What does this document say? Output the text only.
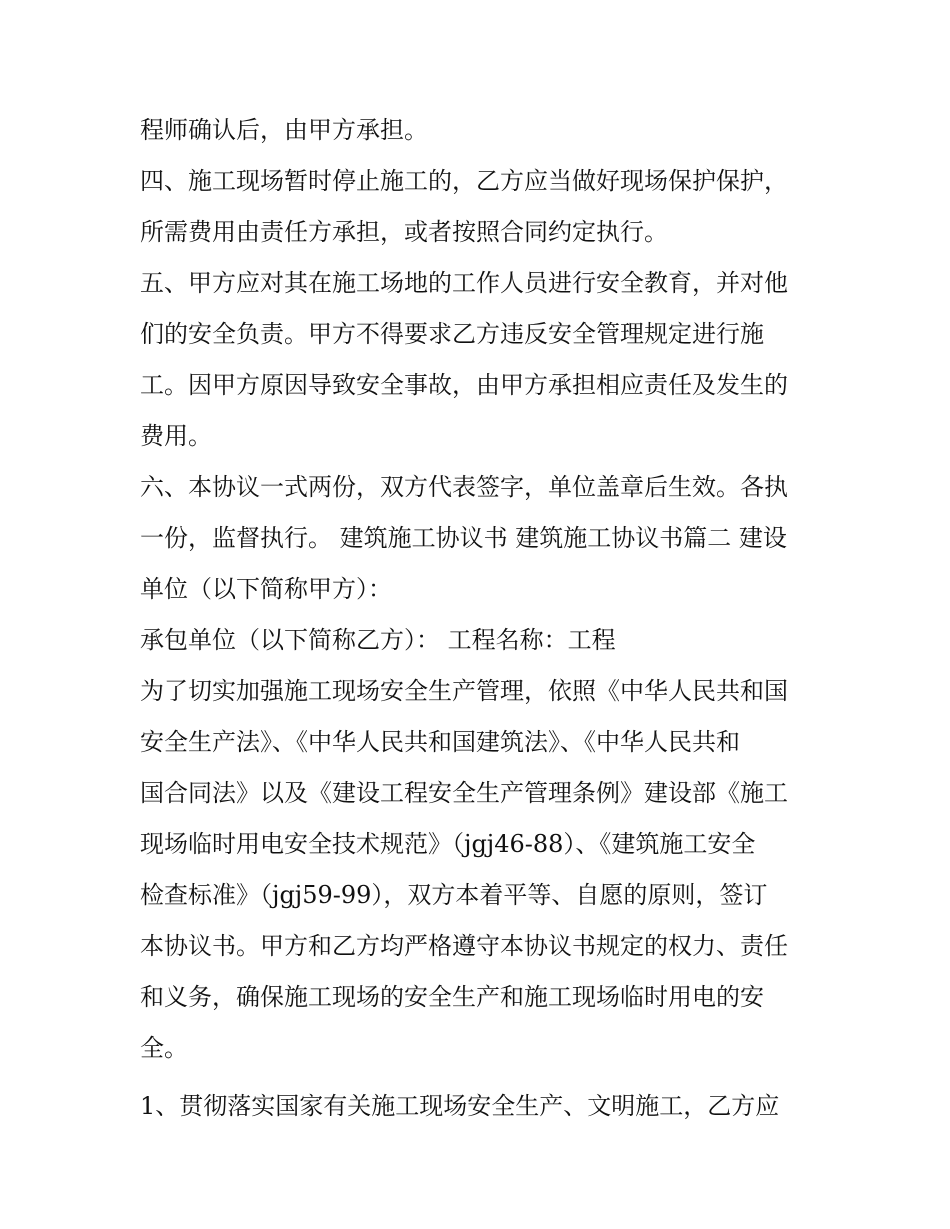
程师确认后，由甲方承担。
四、施工现场暂时停止施工的，乙方应当做好现场保护保护，
所需费用由责任方承担，或者按照合同约定执行。
五、甲方应对其在施工场地的工作人员进行安全教育，并对他
们的安全负责。甲方不得要求乙方违反安全管理规定进行施
工。因甲方原因导致安全事故，由甲方承担相应责任及发生的
费用。
六、本协议一式两份，双方代表签字，单位盖章后生效。各执
一份，监督执行。 建筑施工协议书 建筑施工协议书篇二 建设
单位（以下简称甲方）：
承包单位（以下简称乙方）： 工程名称：工程
为了切实加强施工现场安全生产管理，依照《中华人民共和国
安全生产法》、《中华人民共和国建筑法》、《中华人民共和
国合同法》以及《建设工程安全生产管理条例》建设部《施工
现场临时用电安全技术规范》（jgj46-88）、《建筑施工安全
检查标准》（jgj59-99），双方本着平等、自愿的原则，签订
本协议书。甲方和乙方均严格遵守本协议书规定的权力、责任
和义务，确保施工现场的安全生产和施工现场临时用电的安
全。
1、贯彻落实国家有关施工现场安全生产、文明施工，乙方应
